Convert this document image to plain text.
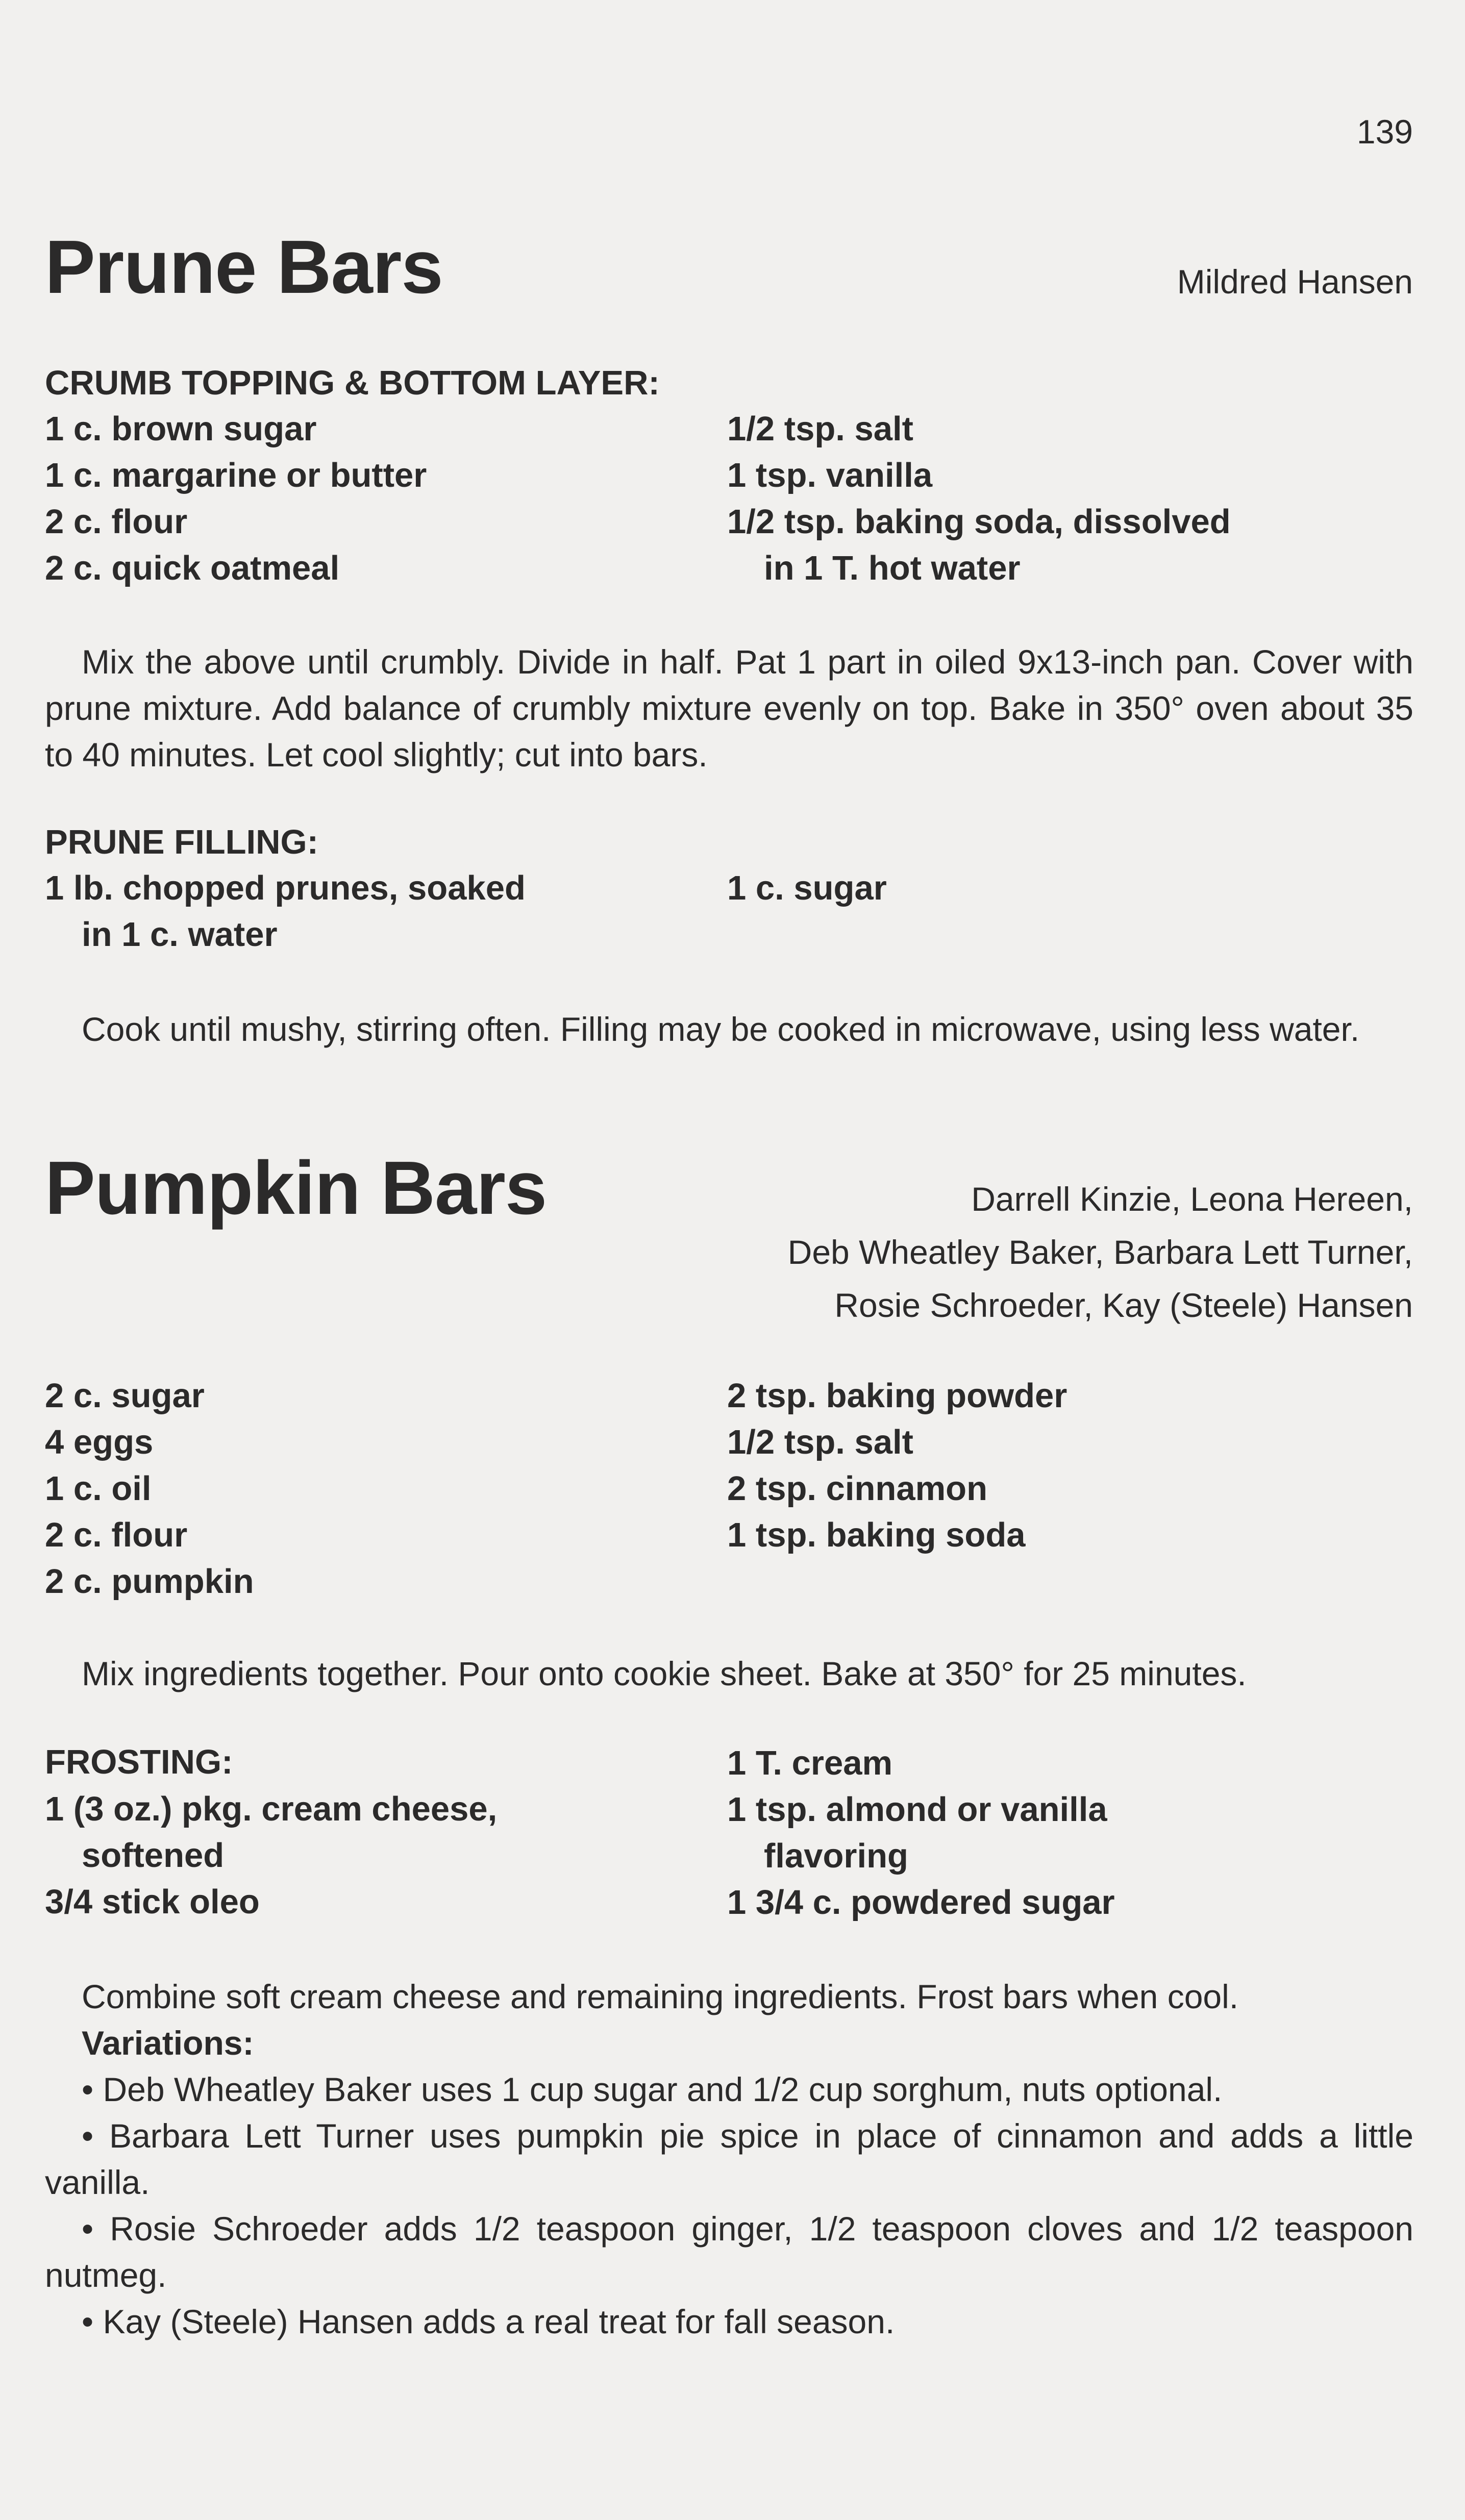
139
Prune Bars	Mildred Hansen
CRUMB TOPPING & BOTTOM LAYER:
1 c. brown sugar
1 c. margarine or butter
2 c. flour
2 c. quick oatmeal
1/2 tsp. salt
1 tsp. vanilla
1/2 tsp. baking soda, dissolved
in 1 T. hot water
Mix the above until crumbly. Divide in half. Pat 1 part in oiled 9x13-inch pan. Cover with prune mixture. Add balance of crumbly mixture evenly on top. Bake in 350° oven about 35 to 40 minutes. Let cool slightly; cut into bars.
PRUNE FILLING:
1 lb. chopped prunes, soaked
in 1 c. water
1 c. sugar
Cook until mushy, stirring often. Filling may be cooked in microwave, using less water.
Pumpkin Bars	Darrell Kinzie, Leona Hereen,
Deb Wheatley Baker, Barbara Lett Turner,
Rosie Schroeder, Kay (Steele) Hansen
2 c. sugar
4 eggs
1 c. oil
2 c. flour
2 c. pumpkin
2 tsp. baking powder
1/2 tsp. salt
2 tsp. cinnamon
1 tsp. baking soda
Mix ingredients together. Pour onto cookie sheet. Bake at 350° for 25 minutes.
FROSTING:
1 (3 oz.) pkg. cream cheese,
softened
3/4 stick oleo
1 T. cream
1 tsp. almond or vanilla
flavoring
1 3/4 c. powdered sugar
Combine soft cream cheese and remaining ingredients. Frost bars when cool.
Variations:
• Deb Wheatley Baker uses 1 cup sugar and 1/2 cup sorghum, nuts optional.
• Barbara Lett Turner uses pumpkin pie spice in place of cinnamon and adds a little vanilla.
• Rosie Schroeder adds 1/2 teaspoon ginger, 1/2 teaspoon cloves and 1/2 teaspoon nutmeg.
• Kay (Steele) Hansen adds a real treat for fall season.
